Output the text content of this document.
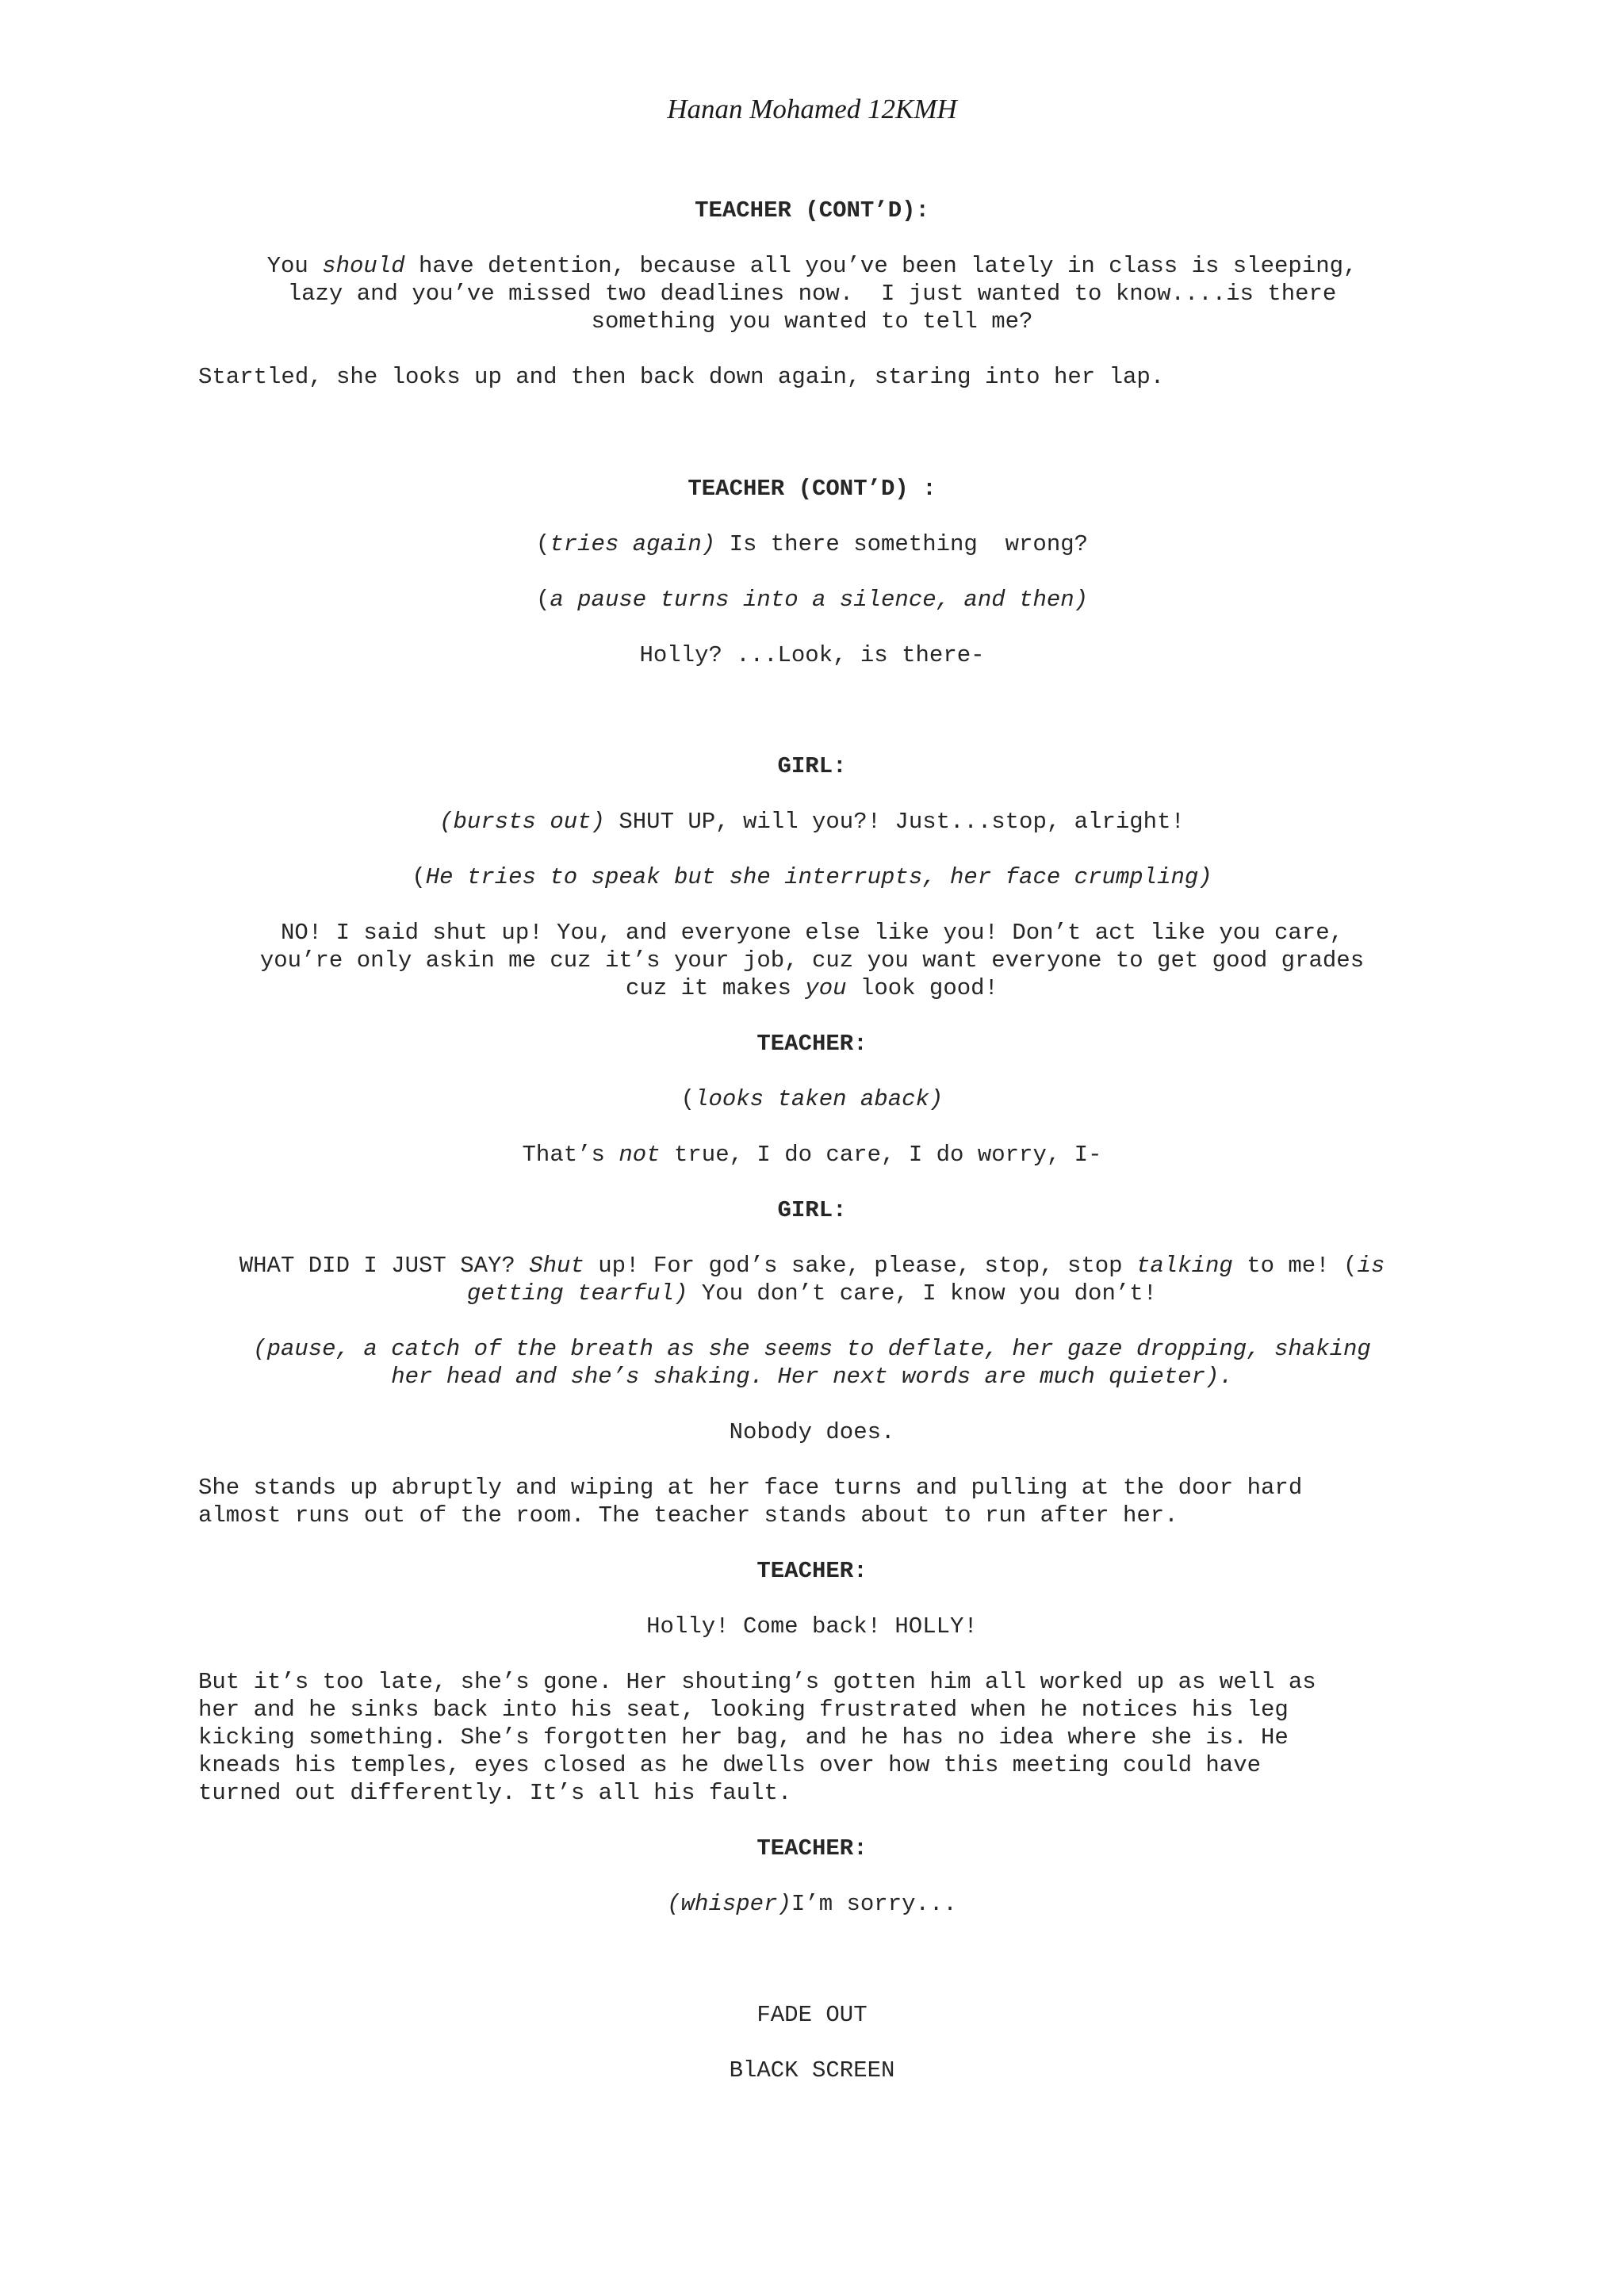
Hanan Mohamed 12KMH
TEACHER (CONT’D):
You should have detention, because all you’ve been lately in class is sleeping,
lazy and you’ve missed two deadlines now.  I just wanted to know....is there
something you wanted to tell me?
Startled, she looks up and then back down again, staring into her lap.
TEACHER (CONT’D) :
(tries again) Is there something  wrong?
(a pause turns into a silence, and then)
Holly? ...Look, is there-
GIRL:
(bursts out) SHUT UP, will you?! Just...stop, alright!
(He tries to speak but she interrupts, her face crumpling)
NO! I said shut up! You, and everyone else like you! Don’t act like you care,
you’re only askin me cuz it’s your job, cuz you want everyone to get good grades
cuz it makes you look good!
TEACHER:
(looks taken aback)
That’s not true, I do care, I do worry, I-
GIRL:
WHAT DID I JUST SAY? Shut up! For god’s sake, please, stop, stop talking to me! (is
getting tearful) You don’t care, I know you don’t!
(pause, a catch of the breath as she seems to deflate, her gaze dropping, shaking
her head and she’s shaking. Her next words are much quieter).
Nobody does.
She stands up abruptly and wiping at her face turns and pulling at the door hard
almost runs out of the room. The teacher stands about to run after her.
TEACHER:
Holly! Come back! HOLLY!
But it’s too late, she’s gone. Her shouting’s gotten him all worked up as well as
her and he sinks back into his seat, looking frustrated when he notices his leg
kicking something. She’s forgotten her bag, and he has no idea where she is. He
kneads his temples, eyes closed as he dwells over how this meeting could have
turned out differently. It’s all his fault.
TEACHER:
(whisper)I’m sorry...
FADE OUT
BlACK SCREEN
